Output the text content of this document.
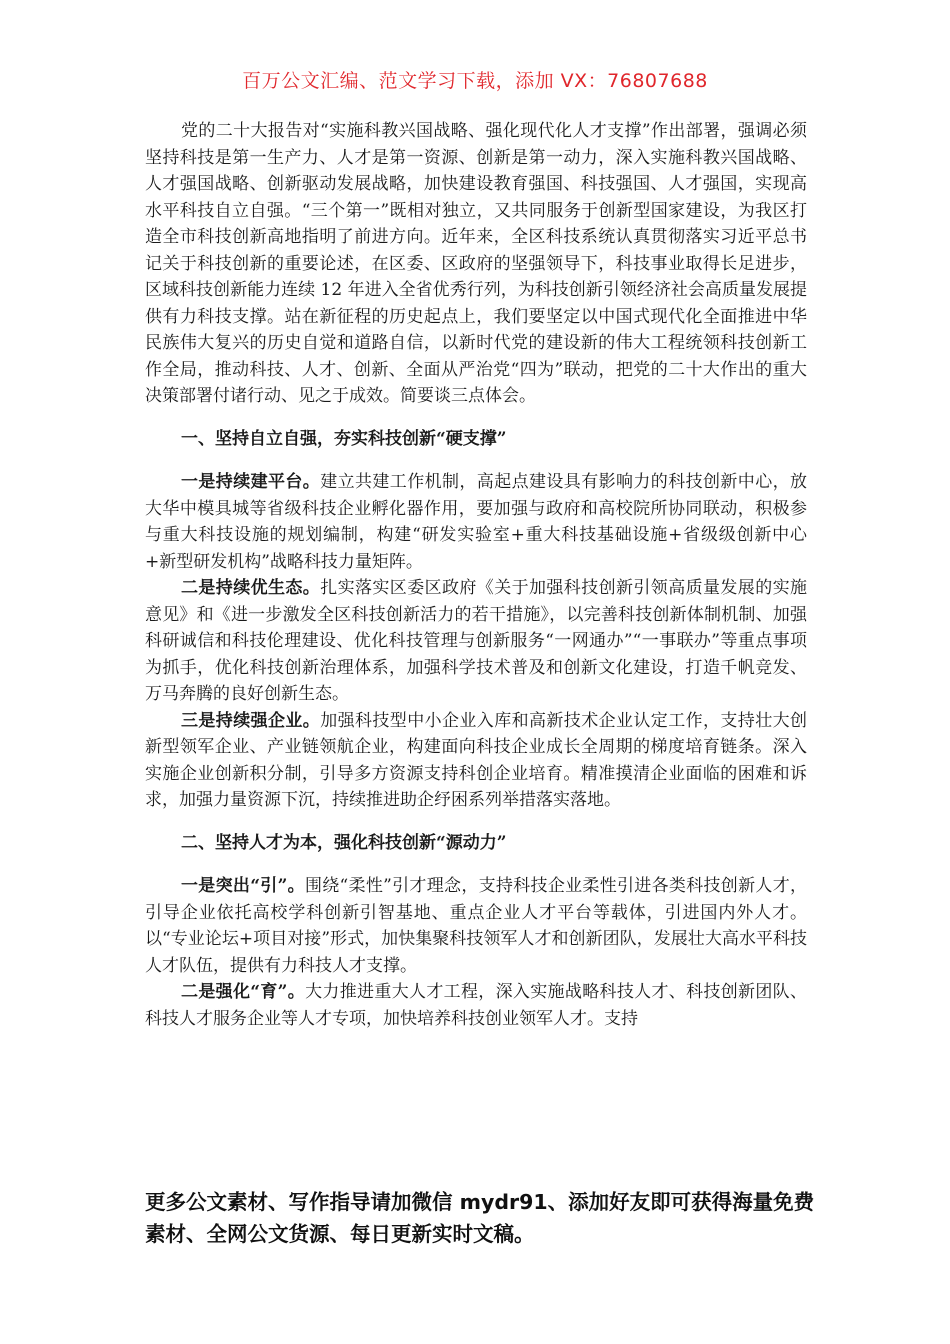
百万公文汇编、范文学习下载，添加 VX：76807688

党的二十大报告对“实施科教兴国战略、强化现代化人才支撑”作出部署，强调必须坚持科技是第一生产力、人才是第一资源、创新是第一动力，深入实施科教兴国战略、人才强国战略、创新驱动发展战略，加快建设教育强国、科技强国、人才强国，实现高水平科技自立自强。“三个第一”既相对独立，又共同服务于创新型国家建设，为我区打造全市科技创新高地指明了前进方向。近年来，全区科技系统认真贯彻落实习近平总书记关于科技创新的重要论述，在区委、区政府的坚强领导下，科技事业取得长足进步，区域科技创新能力连续 12 年进入全省优秀行列，为科技创新引领经济社会高质量发展提供有力科技支撑。站在新征程的历史起点上，我们要坚定以中国式现代化全面推进中华民族伟大复兴的历史自觉和道路自信，以新时代党的建设新的伟大工程统领科技创新工作全局，推动科技、人才、创新、全面从严治党“四为”联动，把党的二十大作出的重大决策部署付诸行动、见之于成效。简要谈三点体会。

一、坚持自立自强，夯实科技创新“硬支撑”

一是持续建平台。建立共建工作机制，高起点建设具有影响力的科技创新中心，放大华中模具城等省级科技企业孵化器作用，要加强与政府和高校院所协同联动，积极参与重大科技设施的规划编制，构建“研发实验室+重大科技基础设施+省级级创新中心+新型研发机构”战略科技力量矩阵。

二是持续优生态。扎实落实区委区政府《关于加强科技创新引领高质量发展的实施意见》和《进一步激发全区科技创新活力的若干措施》，以完善科技创新体制机制、加强科研诚信和科技伦理建设、优化科技管理与创新服务“一网通办”“一事联办”等重点事项为抓手，优化科技创新治理体系，加强科学技术普及和创新文化建设，打造千帆竞发、万马奔腾的良好创新生态。

三是持续强企业。加强科技型中小企业入库和高新技术企业认定工作，支持壮大创新型领军企业、产业链领航企业，构建面向科技企业成长全周期的梯度培育链条。深入实施企业创新积分制，引导多方资源支持科创企业培育。精准摸清企业面临的困难和诉求，加强力量资源下沉，持续推进助企纾困系列举措落实落地。

二、坚持人才为本，强化科技创新“源动力”

一是突出“引”。围绕“柔性”引才理念，支持科技企业柔性引进各类科技创新人才，引导企业依托高校学科创新引智基地、重点企业人才平台等载体，引进国内外人才。以“专业论坛+项目对接”形式，加快集聚科技领军人才和创新团队，发展壮大高水平科技人才队伍，提供有力科技人才支撑。

二是强化“育”。大力推进重大人才工程，深入实施战略科技人才、科技创新团队、科技人才服务企业等人才专项，加快培养科技创业领军人才。支持

更多公文素材、写作指导请加微信 mydr91、添加好友即可获得海量免费素材、全网公文货源、每日更新实时文稿。
